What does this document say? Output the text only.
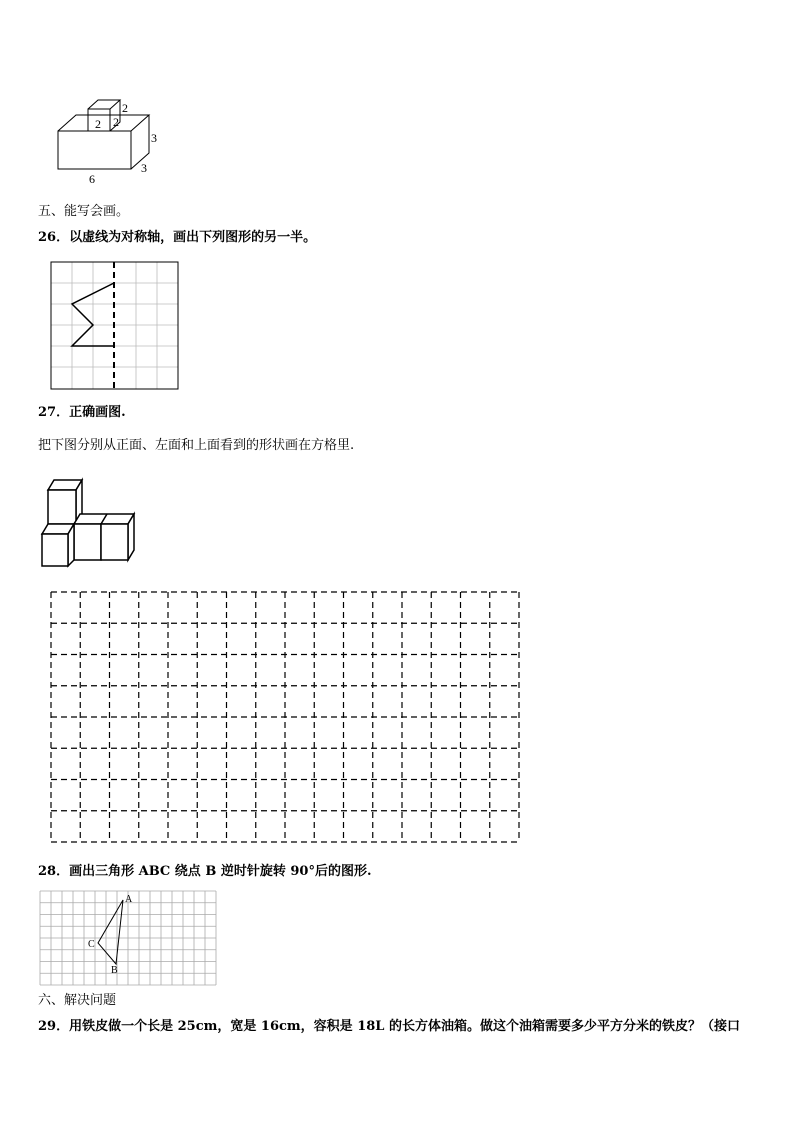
2 2
2
3
3
6
五、能写会画。
26．以虚线为对称轴，画出下列图形的另一半。
27．正确画图.
把下图分别从正面、左面和上面看到的形状画在方格里.
28．画出三角形 ABC 绕点 B 逆时针旋转 90°后的图形.
A
B
C
六、解决问题
29．用铁皮做一个长是 25cm，宽是 16cm，容积是 18L 的长方体油箱。做这个油箱需要多少平方分米的铁皮？（接口
